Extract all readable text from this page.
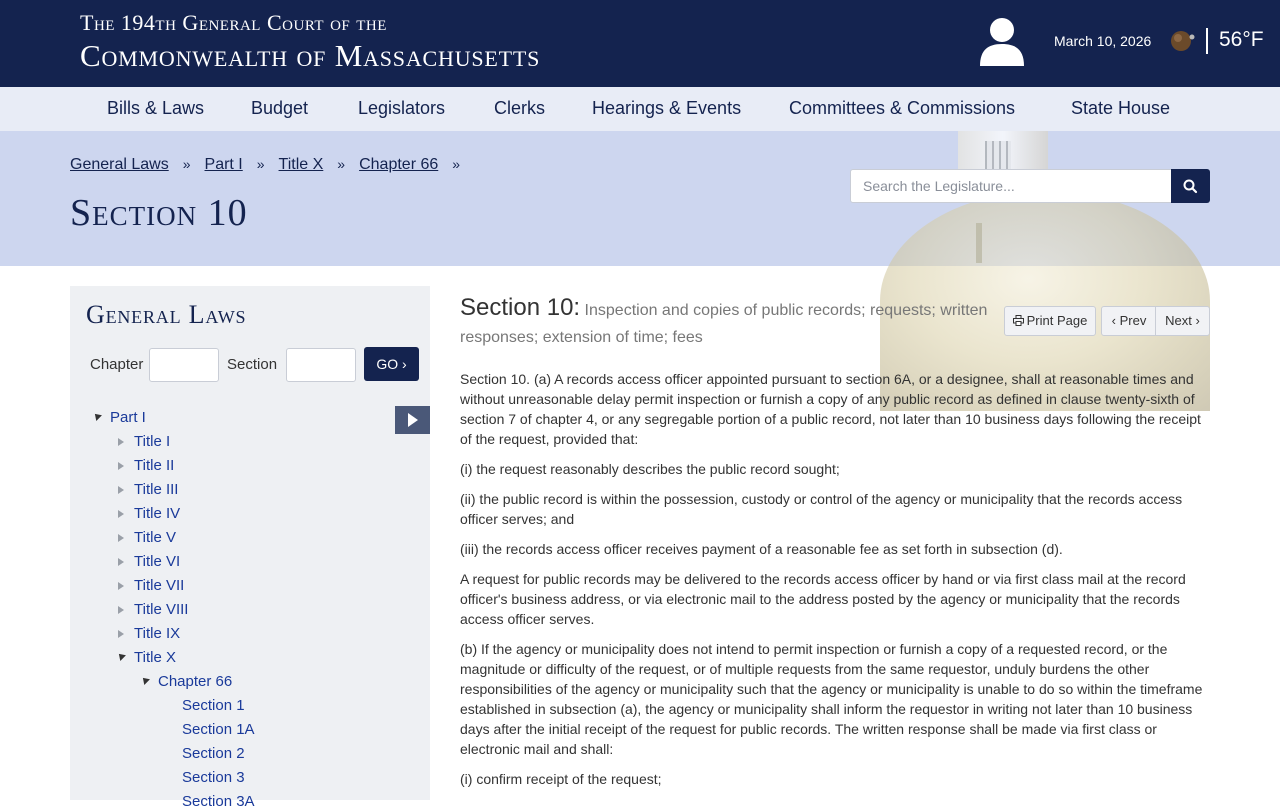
The 194th General Court of the
Commonwealth of Massachusetts	March 10, 2026	56°F
Bills & Laws	Budget	Legislators	Clerks	Hearings & Events	Committees & Commissions	State House
General Laws » Part I » Title X » Chapter 66 »
Section 10
Search the Legislature...
General Laws
Chapter	Section	GO ›
Part I
Title I
Title II
Title III
Title IV
Title V
Title VI
Title VII
Title VIII
Title IX
Title X
Chapter 66
Section 1
Section 1A
Section 2
Section 3
Section 3A
Section 10: Inspection and copies of public records; requests; written responses; extension of time; fees
Print Page	‹ Prev	Next ›
Section 10. (a) A records access officer appointed pursuant to section 6A, or a designee, shall at reasonable times and without unreasonable delay permit inspection or furnish a copy of any public record as defined in clause twenty-sixth of section 7 of chapter 4, or any segregable portion of a public record, not later than 10 business days following the receipt of the request, provided that:
(i) the request reasonably describes the public record sought;
(ii) the public record is within the possession, custody or control of the agency or municipality that the records access officer serves; and
(iii) the records access officer receives payment of a reasonable fee as set forth in subsection (d).
A request for public records may be delivered to the records access officer by hand or via first class mail at the record officer's business address, or via electronic mail to the address posted by the agency or municipality that the records access officer serves.
(b) If the agency or municipality does not intend to permit inspection or furnish a copy of a requested record, or the magnitude or difficulty of the request, or of multiple requests from the same requestor, unduly burdens the other responsibilities of the agency or municipality such that the agency or municipality is unable to do so within the timeframe established in subsection (a), the agency or municipality shall inform the requestor in writing not later than 10 business days after the initial receipt of the request for public records. The written response shall be made via first class or electronic mail and shall:
(i) confirm receipt of the request;
